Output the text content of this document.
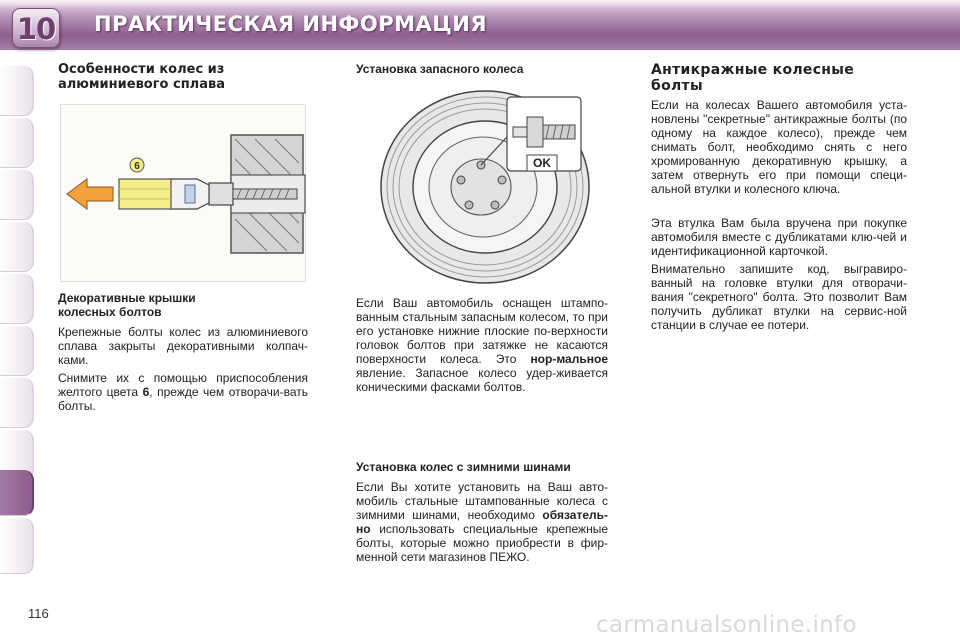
10 ПРАКТИЧЕСКАЯ ИНФОРМАЦИЯ
Особенности колес из
алюминиевого сплава
6
Декоративные крышки
колесных болтов

Крепежные болты колес из алюминиевого сплава закрыты декоративными колпач-ками.

Снимите их с помощью приспособления желтого цвета 6, прежде чем отворачи-вать болты.

Установка запасного колеса
OK

Если Ваш автомобиль оснащен штампо-ванным стальным запасным колесом, то при его установке нижние плоские по-верхности головок болтов при затяжке не касаются поверхности колеса. Это нор-мальное явление. Запасное колесо удер-живается коническими фасками болтов.

Установка колес с зимними шинами

Если Вы хотите установить на Ваш авто-мобиль стальные штампованные колеса с зимними шинами, необходимо обязатель-но использовать специальные крепежные болты, которые можно приобрести в фир-менной сети магазинов ПЕЖО.

Антикражные колесные
болты

Если на колесах Вашего автомобиля уста-новлены "секретные" антикражные болты (по одному на каждое колесо), прежде чем снимать болт, необходимо снять с него хромированную декоративную крышку, а затем отвернуть его при помощи специ-альной втулки и колесного ключа.

Эта втулка Вам была вручена при покупке автомобиля вместе с дубликатами клю-чей и идентификационной карточкой.

Внимательно запишите код, выгравиро-ванный на головке втулки для отворачи-вания "секретного" болта. Это позволит Вам получить дубликат втулки на сервис-ной станции в случае ее потери.

116	carmanualsonline.info
